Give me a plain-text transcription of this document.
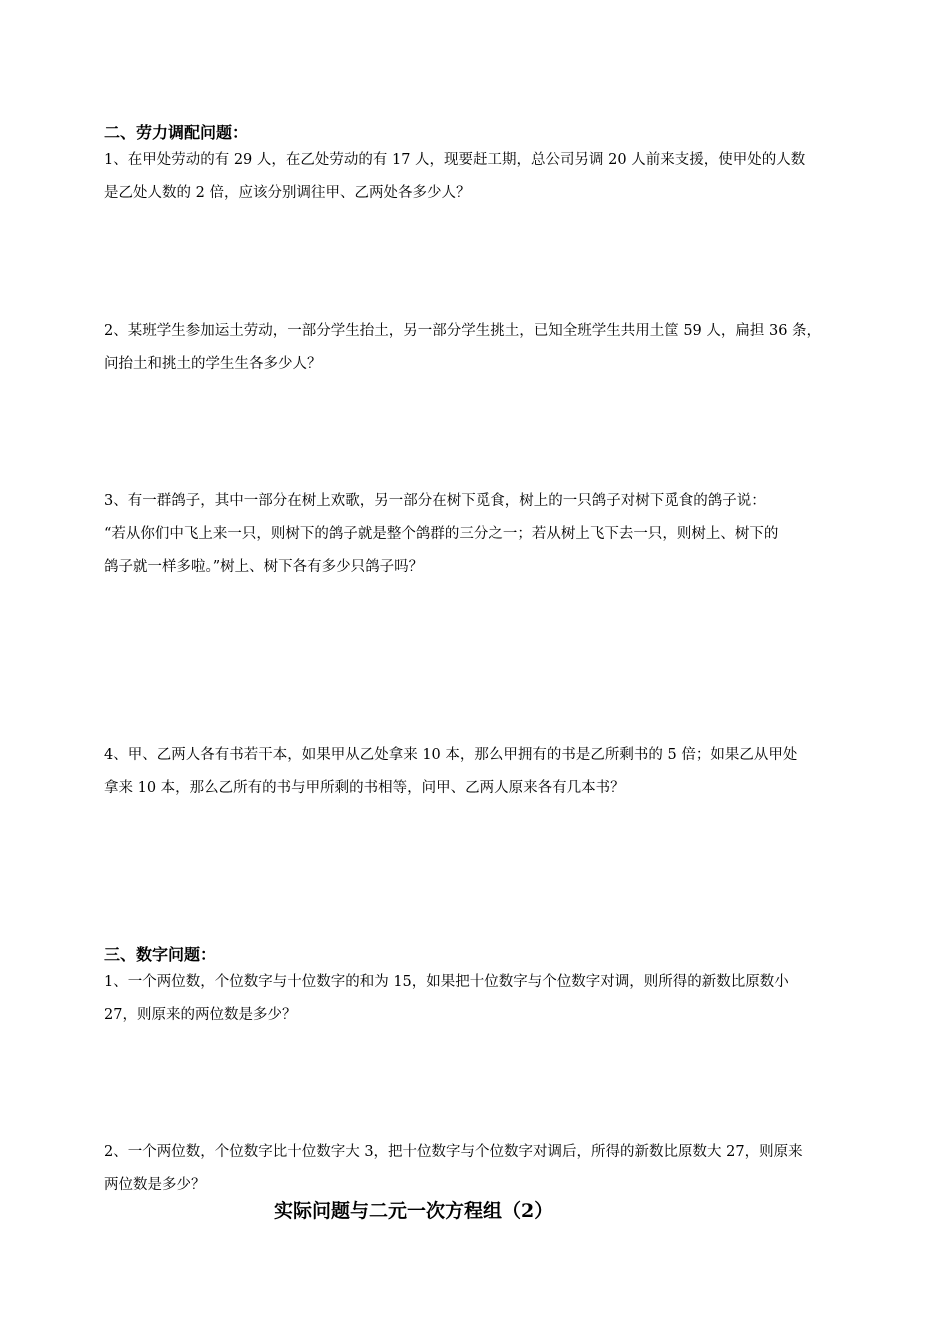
二、劳力调配问题：
1、在甲处劳动的有 29 人，在乙处劳动的有 17 人，现要赶工期，总公司另调 20 人前来支援，使甲处的人数
是乙处人数的 2 倍，应该分别调往甲、乙两处各多少人？
2、某班学生参加运土劳动，一部分学生抬土，另一部分学生挑土，已知全班学生共用土筐 59 人，扁担 36 条，
问抬土和挑土的学生生各多少人？
3、有一群鸽子，其中一部分在树上欢歌，另一部分在树下觅食，树上的一只鸽子对树下觅食的鸽子说：
“若从你们中飞上来一只，则树下的鸽子就是整个鸽群的三分之一；若从树上飞下去一只，则树上、树下的
鸽子就一样多啦。”树上、树下各有多少只鸽子吗？
4、甲、乙两人各有书若干本，如果甲从乙处拿来 10 本，那么甲拥有的书是乙所剩书的 5 倍；如果乙从甲处
拿来 10 本，那么乙所有的书与甲所剩的书相等，问甲、乙两人原来各有几本书？
三、数字问题：
1、一个两位数，个位数字与十位数字的和为 15，如果把十位数字与个位数字对调，则所得的新数比原数小
27，则原来的两位数是多少？
2、一个两位数，个位数字比十位数字大 3，把十位数字与个位数字对调后，所得的新数比原数大 27，则原来
两位数是多少？
实际问题与二元一次方程组（2）
